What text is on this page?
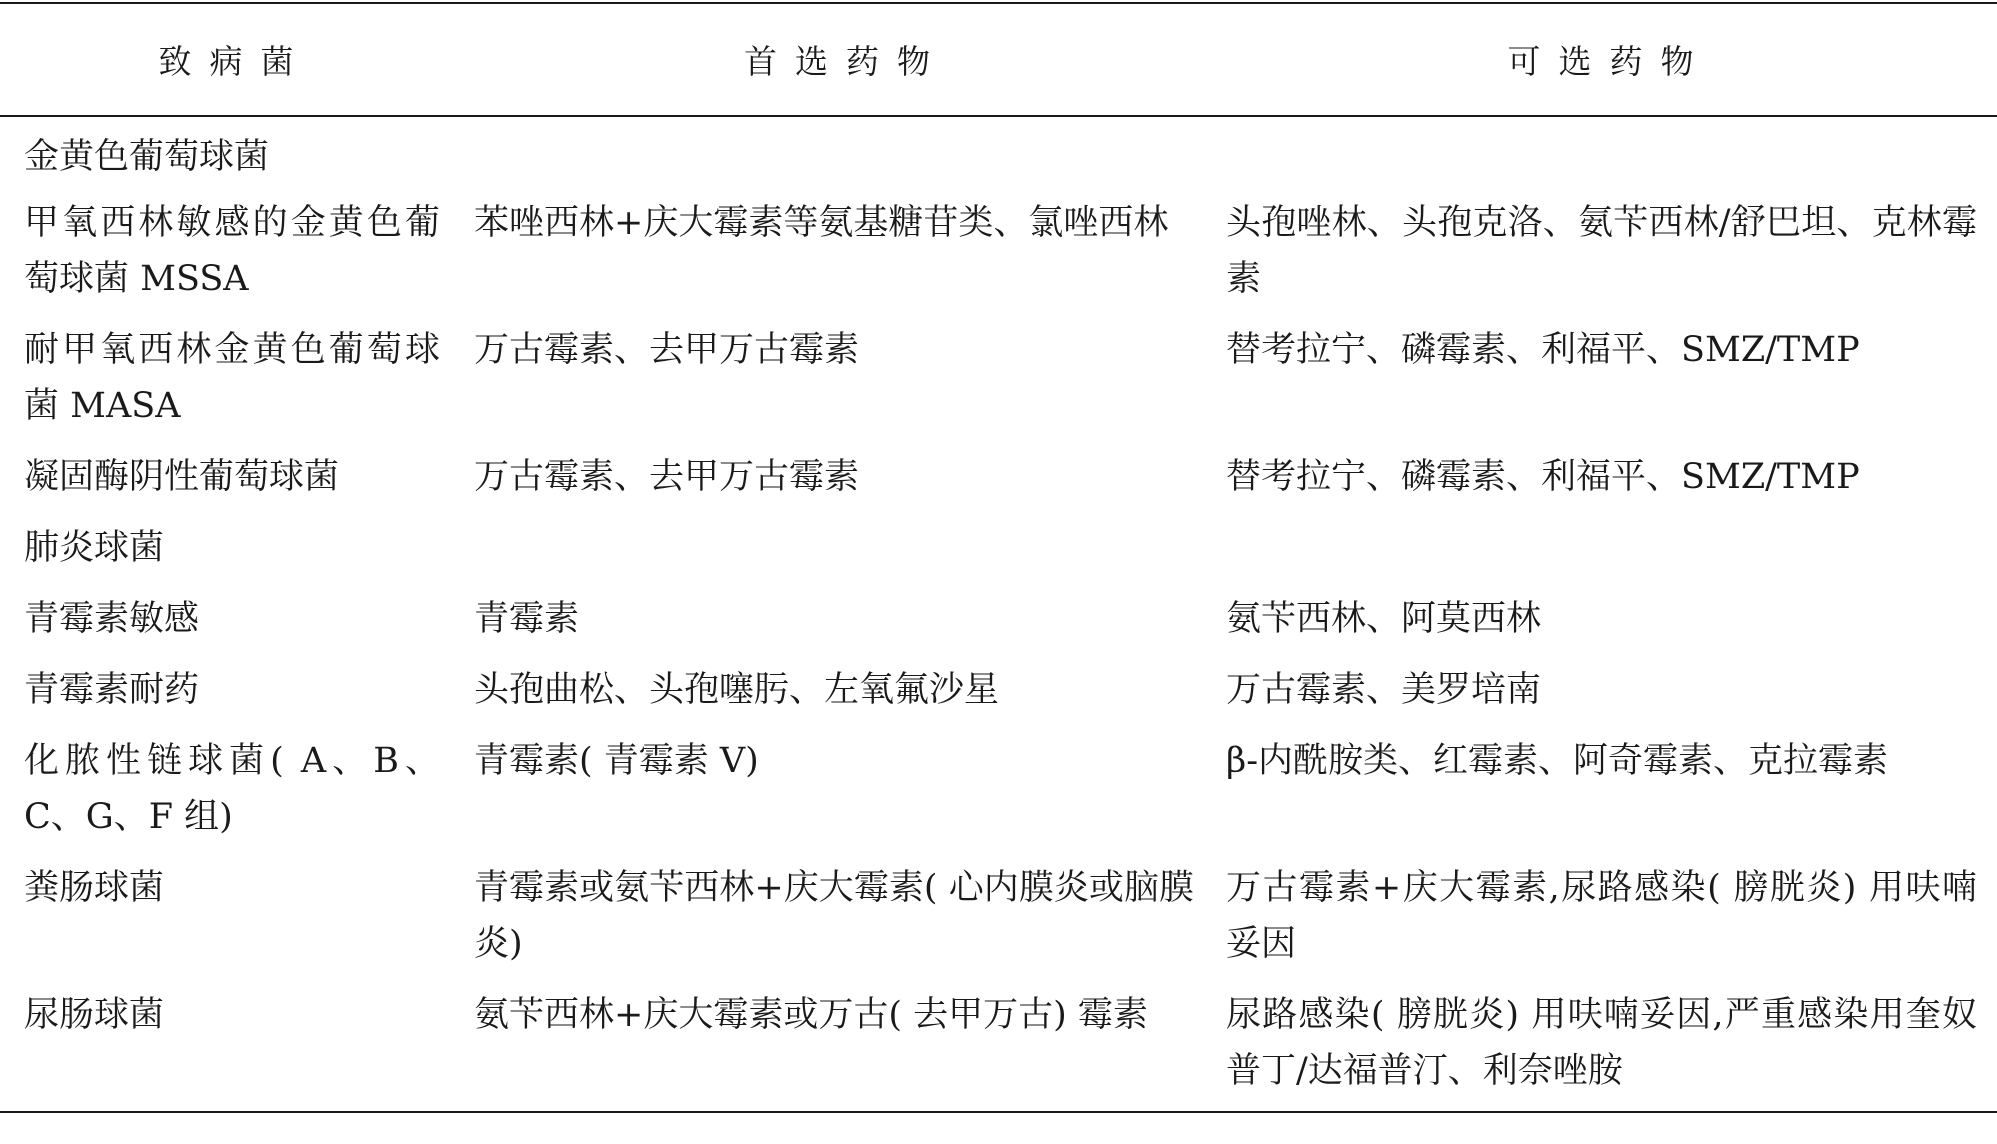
致病菌	首选药物	可选药物
金黄色葡萄球菌		
甲氧西林敏感的金黄色葡萄球菌 MSSA	苯唑西林+庆大霉素等氨基糖苷类、氯唑西林	头孢唑林、头孢克洛、氨苄西林/舒巴坦、克林霉素
耐甲氧西林金黄色葡萄球菌 MASA	万古霉素、去甲万古霉素	替考拉宁、磷霉素、利福平、SMZ/TMP
凝固酶阴性葡萄球菌	万古霉素、去甲万古霉素	替考拉宁、磷霉素、利福平、SMZ/TMP
肺炎球菌		
青霉素敏感	青霉素	氨苄西林、阿莫西林
青霉素耐药	头孢曲松、头孢噻肟、左氧氟沙星	万古霉素、美罗培南
化脓性链球菌( A、B、C、G、F 组)	青霉素( 青霉素 V)	β-内酰胺类、红霉素、阿奇霉素、克拉霉素
粪肠球菌	青霉素或氨苄西林+庆大霉素( 心内膜炎或脑膜炎)	万古霉素+庆大霉素,尿路感染( 膀胱炎) 用呋喃妥因
尿肠球菌	氨苄西林+庆大霉素或万古( 去甲万古) 霉素	尿路感染( 膀胱炎) 用呋喃妥因,严重感染用奎奴普丁/达福普汀、利奈唑胺
